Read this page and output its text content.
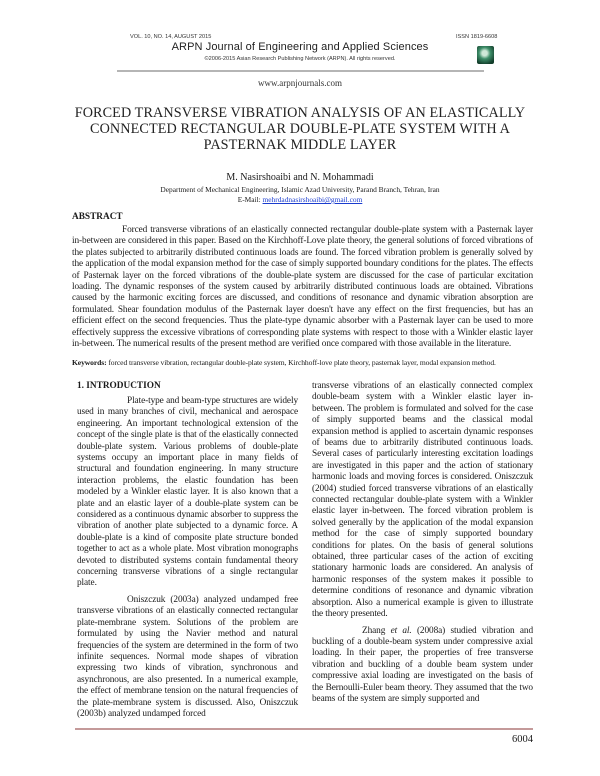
VOL. 10, NO. 14, AUGUST 2015	ISSN 1819-6608
ARPN Journal of Engineering and Applied Sciences
©2006-2015 Asian Research Publishing Network (ARPN). All rights reserved.
www.arpnjournals.com
FORCED TRANSVERSE VIBRATION ANALYSIS OF AN ELASTICALLY CONNECTED RECTANGULAR DOUBLE-PLATE SYSTEM WITH A PASTERNAK MIDDLE LAYER
M. Nasirshoaibi and N. Mohammadi
Department of Mechanical Engineering, Islamic Azad University, Parand Branch, Tehran, Iran
E-Mail: mehrdadnasirshoaibi@gmail.com
ABSTRACT

Forced transverse vibrations of an elastically connected rectangular double-plate system with a Pasternak layer in-between are considered in this paper. Based on the Kirchhoff-Love plate theory, the general solutions of forced vibrations of the plates subjected to arbitrarily distributed continuous loads are found. The forced vibration problem is generally solved by the application of the modal expansion method for the case of simply supported boundary conditions for the plates. The effects of Pasternak layer on the forced vibrations of the double-plate system are discussed for the case of particular excitation loading. The dynamic responses of the system caused by arbitrarily distributed continuous loads are obtained. Vibrations caused by the harmonic exciting forces are discussed, and conditions of resonance and dynamic vibration absorption are formulated. Shear foundation modulus of the Pasternak layer doesn't have any effect on the first frequencies, but has an efficient effect on the second frequencies. Thus the plate-type dynamic absorber with a Pasternak layer can be used to more effectively suppress the excessive vibrations of corresponding plate systems with respect to those with a Winkler elastic layer in-between. The numerical results of the present method are verified once compared with those available in the literature.

Keywords: forced transverse vibration, rectangular double-plate system, Kirchhoff-love plate theory, pasternak layer, modal expansion method.
1. INTRODUCTION

Plate-type and beam-type structures are widely used in many branches of civil, mechanical and aerospace engineering. An important technological extension of the concept of the single plate is that of the elastically connected double-plate system. Various problems of double-plate systems occupy an important place in many fields of structural and foundation engineering. In many structure interaction problems, the elastic foundation has been modeled by a Winkler elastic layer. It is also known that a plate and an elastic layer of a double-plate system can be considered as a continuous dynamic absorber to suppress the vibration of another plate subjected to a dynamic force. A double-plate is a kind of composite plate structure bonded together to act as a whole plate. Most vibration monographs devoted to distributed systems contain fundamental theory concerning transverse vibrations of a single rectangular plate.

Oniszczuk (2003a) analyzed undamped free transverse vibrations of an elastically connected rectangular plate-membrane system. Solutions of the problem are formulated by using the Navier method and natural frequencies of the system are determined in the form of two infinite sequences. Normal mode shapes of vibration expressing two kinds of vibration, synchronous and asynchronous, are also presented. In a numerical example, the effect of membrane tension on the natural frequencies of the plate-membrane system is discussed. Also, Oniszczuk (2003b) analyzed undamped forced

transverse vibrations of an elastically connected complex double-beam system with a Winkler elastic layer in-between. The problem is formulated and solved for the case of simply supported beams and the classical modal expansion method is applied to ascertain dynamic responses of beams due to arbitrarily distributed continuous loads. Several cases of particularly interesting excitation loadings are investigated in this paper and the action of stationary harmonic loads and moving forces is considered. Oniszczuk (2004) studied forced transverse vibrations of an elastically connected rectangular double-plate system with a Winkler elastic layer in-between. The forced vibration problem is solved generally by the application of the modal expansion method for the case of simply supported boundary conditions for plates. On the basis of general solutions obtained, three particular cases of the action of exciting stationary harmonic loads are considered. An analysis of harmonic responses of the system makes it possible to determine conditions of resonance and dynamic vibration absorption. Also a numerical example is given to illustrate the theory presented.

Zhang et al. (2008a) studied vibration and buckling of a double-beam system under compressive axial loading. In their paper, the properties of free transverse vibration and buckling of a double beam system under compressive axial loading are investigated on the basis of the Bernoulli-Euler beam theory. They assumed that the two beams of the system are simply supported and

6004
